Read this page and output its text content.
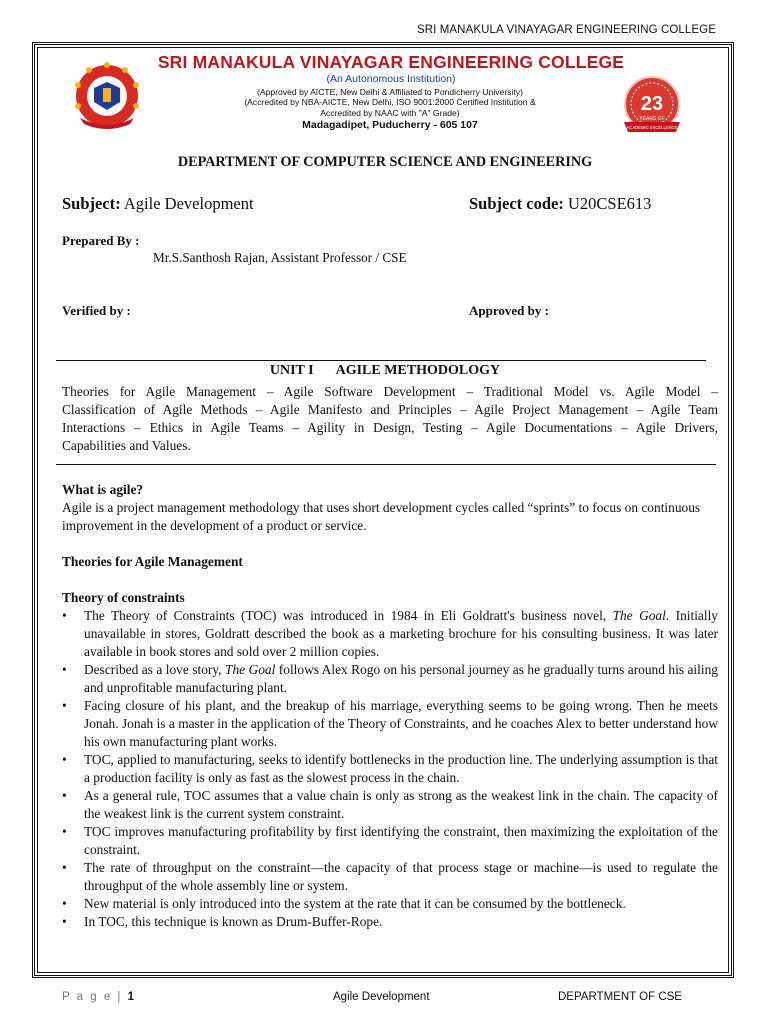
SRI MANAKULA VINAYAGAR ENGINEERING COLLEGE
SRI MANAKULA VINAYAGAR ENGINEERING COLLEGE
(An Autonomous Institution)
(Approved by AICTE, New Delhi & Affiliated to Pondicherry University)
(Accredited by NBA-AICTE, New Delhi, ISO 9001:2000 Certified Institution &
Accredited by NAAC with "A" Grade)
Madagadipet, Puducherry - 605 107
23
YEARS OF
ACADEMIC EXCELLENCE
DEPARTMENT OF COMPUTER SCIENCE AND ENGINEERING
Subject: Agile Development	Subject code: U20CSE613
Prepared By :
Mr.S.Santhosh Rajan, Assistant Professor / CSE
Verified by :	Approved by :
UNIT I AGILE METHODOLOGY
Theories for Agile Management – Agile Software Development – Traditional Model vs. Agile Model –
Classification of Agile Methods – Agile Manifesto and Principles – Agile Project Management – Agile Team
Interactions – Ethics in Agile Teams – Agility in Design, Testing – Agile Documentations – Agile Drivers,
Capabilities and Values.
What is agile?

Agile is a project management methodology that uses short development cycles called “sprints” to focus on continuous improvement in the development of a product or service.

Theories for Agile Management
Theory of constraints
• The Theory of Constraints (TOC) was introduced in 1984 in Eli Goldratt's business novel, The Goal. Initially unavailable in stores, Goldratt described the book as a marketing brochure for his consulting business. It was later available in book stores and sold over 2 million copies.
• Described as a love story, The Goal follows Alex Rogo on his personal journey as he gradually turns around his ailing and unprofitable manufacturing plant.
• Facing closure of his plant, and the breakup of his marriage, everything seems to be going wrong. Then he meets Jonah. Jonah is a master in the application of the Theory of Constraints, and he coaches Alex to better understand how his own manufacturing plant works.
• TOC, applied to manufacturing, seeks to identify bottlenecks in the production line. The underlying assumption is that a production facility is only as fast as the slowest process in the chain.
• As a general rule, TOC assumes that a value chain is only as strong as the weakest link in the chain. The capacity of the weakest link is the current system constraint.
• TOC improves manufacturing profitability by first identifying the constraint, then maximizing the exploitation of the constraint.
• The rate of throughput on the constraint—the capacity of that process stage or machine—is used to regulate the throughput of the whole assembly line or system.
• New material is only introduced into the system at the rate that it can be consumed by the bottleneck.
• In TOC, this technique is known as Drum-Buffer-Rope.
P a g e | 1	Agile Development	DEPARTMENT OF CSE
